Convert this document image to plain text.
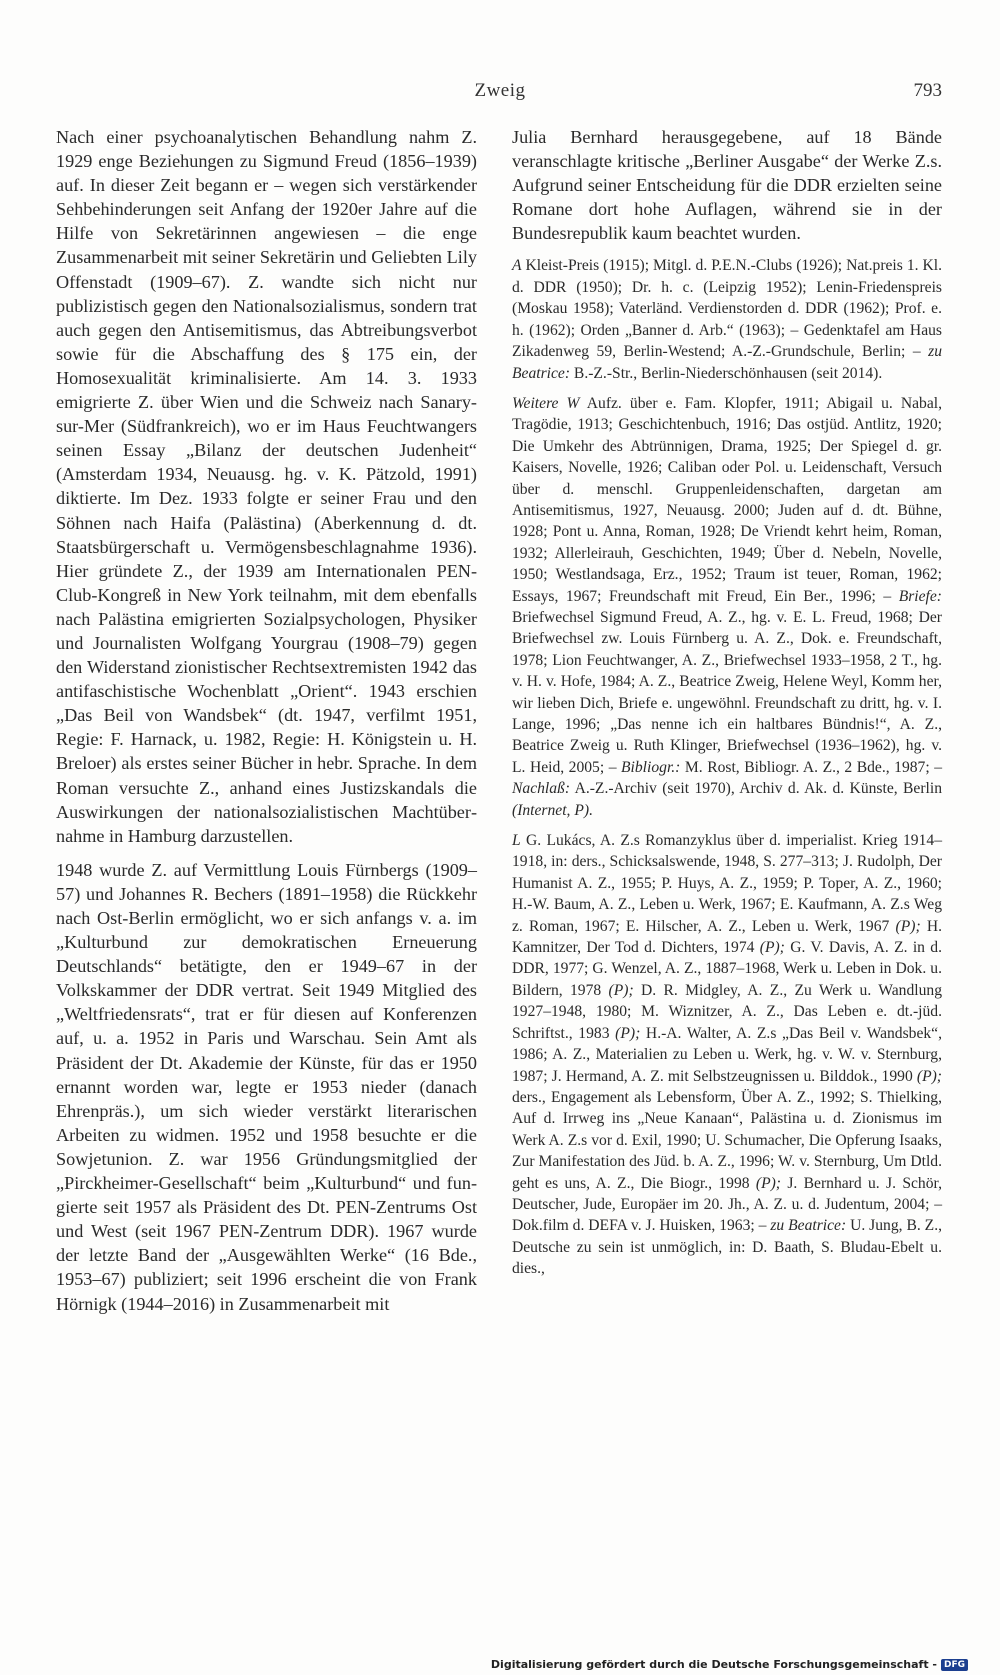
Zweig	793

Nach einer psychoanalytischen Behandlung nahm Z. 1929 enge Beziehungen zu Sigmund Freud (1856–1939) auf. In dieser Zeit begann er – wegen sich verstärkender Sehbehinderungen seit Anfang der 1920er Jahre auf die Hilfe von Sekretärinnen angewiesen – die enge Zusammenarbeit mit seiner Sekretärin und Geliebten Lily Offenstadt (1909–67). Z. wandte sich nicht nur publizistisch gegen den Nationalsozialismus, sondern trat auch gegen den Antisemitismus, das Abtreibungsverbot sowie für die Abschaffung des § 175 ein, der Homosexualität kriminalisierte. Am 14. 3. 1933 emigrierte Z. über Wien und die Schweiz nach Sanary-sur-Mer (Südfrankreich), wo er im Haus Feuchtwangers seinen Essay „Bilanz der deutschen Judenheit“ (Amsterdam 1934, Neuausg. hg. v. K. Pätzold, 1991) diktierte. Im Dez. 1933 folgte er seiner Frau und den Söhnen nach Haifa (Palästina) (Aberkennung d. dt. Staatsbürgerschaft u. Vermögensbeschlagnahme 1936). Hier gründete Z., der 1939 am Internationalen PEN-Club-Kongreß in New York teilnahm, mit dem ebenfalls nach Palästina emigrierten Sozialpsychologen, Physiker und Journalisten Wolfgang Yourgrau (1908–79) gegen den Widerstand zionistischer Rechtsextremisten 1942 das antifaschistische Wochenblatt „Orient“. 1943 erschien „Das Beil von Wandsbek“ (dt. 1947, verfilmt 1951, Regie: F. Harnack, u. 1982, Regie: H. Königstein u. H. Breloer) als erstes seiner Bücher in hebr. Sprache. In dem Roman versuchte Z., anhand eines Justizskandals die Auswirkungen der nationalsozialistischen Machtübernahme in Hamburg darzustellen.

1948 wurde Z. auf Vermittlung Louis Fürnbergs (1909–57) und Johannes R. Bechers (1891–1958) die Rückkehr nach Ost-Berlin ermöglicht, wo er sich anfangs v. a. im „Kulturbund zur demokratischen Erneuerung Deutschlands“ betätigte, den er 1949–67 in der Volkskammer der DDR vertrat. Seit 1949 Mitglied des „Weltfriedensrats“, trat er für diesen auf Konferenzen auf, u. a. 1952 in Paris und Warschau. Sein Amt als Präsident der Dt. Akademie der Künste, für das er 1950 ernannt worden war, legte er 1953 nieder (danach Ehrenpräs.), um sich wieder verstärkt literarischen Arbeiten zu widmen. 1952 und 1958 besuchte er die Sowjetunion. Z. war 1956 Gründungsmitglied der „Pirckheimer-Gesellschaft“ beim „Kulturbund“ und fungierte seit 1957 als Präsident des Dt. PEN-Zentrums Ost und West (seit 1967 PEN-Zentrum DDR). 1967 wurde der letzte Band der „Ausgewählten Werke“ (16 Bde., 1953–67) publiziert; seit 1996 erscheint die von Frank Hörnigk (1944–2016) in Zusammenarbeit mit

Julia Bernhard herausgegebene, auf 18 Bände veranschlagte kritische „Berliner Ausgabe“ der Werke Z.s. Aufgrund seiner Entscheidung für die DDR erzielten seine Romane dort hohe Auflagen, während sie in der Bundesrepublik kaum beachtet wurden.

A Kleist-Preis (1915); Mitgl. d. P.E.N.-Clubs (1926); Nat.preis 1. Kl. d. DDR (1950); Dr. h. c. (Leipzig 1952); Lenin-Friedenspreis (Moskau 1958); Vaterländ. Verdienstorden d. DDR (1962); Prof. e. h. (1962); Orden „Banner d. Arb.“ (1963); – Gedenktafel am Haus Zikadenweg 59, Berlin-Westend; A.-Z.-Grundschule, Berlin; – zu Beatrice: B.-Z.-Str., Berlin-Niederschönhausen (seit 2014).

Weitere W Aufz. über e. Fam. Klopfer, 1911; Abigail u. Nabal, Tragödie, 1913; Geschichtenbuch, 1916; Das ostjüd. Antlitz, 1920; Die Umkehr des Abtrünnigen, Drama, 1925; Der Spiegel d. gr. Kaisers, Novelle, 1926; Caliban oder Pol. u. Leidenschaft, Versuch über d. menschl. Gruppenleidenschaften, dargetan am Antisemitismus, 1927, Neuausg. 2000; Juden auf d. dt. Bühne, 1928; Pont u. Anna, Roman, 1928; De Vriendt kehrt heim, Roman, 1932; Allerleirauh, Geschichten, 1949; Über d. Nebeln, Novelle, 1950; Westlandsaga, Erz., 1952; Traum ist teuer, Roman, 1962; Essays, 1967; Freundschaft mit Freud, Ein Ber., 1996; – Briefe: Briefwechsel Sigmund Freud, A. Z., hg. v. E. L. Freud, 1968; Der Briefwechsel zw. Louis Fürnberg u. A. Z., Dok. e. Freundschaft, 1978; Lion Feuchtwanger, A. Z., Briefwechsel 1933–1958, 2 T., hg. v. H. v. Hofe, 1984; A. Z., Beatrice Zweig, Helene Weyl, Komm her, wir lieben Dich, Briefe e. ungewöhnl. Freundschaft zu dritt, hg. v. I. Lange, 1996; „Das nenne ich ein haltbares Bündnis!“, A. Z., Beatrice Zweig u. Ruth Klinger, Briefwechsel (1936–1962), hg. v. L. Heid, 2005; – Bibliogr.: M. Rost, Bibliogr. A. Z., 2 Bde., 1987; – Nachlaß: A.-Z.-Archiv (seit 1970), Archiv d. Ak. d. Künste, Berlin (Internet, P).

L G. Lukács, A. Z.s Romanzyklus über d. imperialist. Krieg 1914–1918, in: ders., Schicksalswende, 1948, S. 277–313; J. Rudolph, Der Humanist A. Z., 1955; P. Huys, A. Z., 1959; P. Toper, A. Z., 1960; H.-W. Baum, A. Z., Leben u. Werk, 1967; E. Kaufmann, A. Z.s Weg z. Roman, 1967; E. Hilscher, A. Z., Leben u. Werk, 1967 (P); H. Kamnitzer, Der Tod d. Dichters, 1974 (P); G. V. Davis, A. Z. in d. DDR, 1977; G. Wenzel, A. Z., 1887–1968, Werk u. Leben in Dok. u. Bildern, 1978 (P); D. R. Midgley, A. Z., Zu Werk u. Wandlung 1927–1948, 1980; M. Wiznitzer, A. Z., Das Leben e. dt.-jüd. Schriftst., 1983 (P); H.-A. Walter, A. Z.s „Das Beil v. Wandsbek“, 1986; A. Z., Materialien zu Leben u. Werk, hg. v. W. v. Sternburg, 1987; J. Hermand, A. Z. mit Selbstzeugnissen u. Bilddok., 1990 (P); ders., Engagement als Lebensform, Über A. Z., 1992; S. Thielking, Auf d. Irrweg ins „Neue Kanaan“, Palästina u. d. Zionismus im Werk A. Z.s vor d. Exil, 1990; U. Schumacher, Die Opferung Isaaks, Zur Manifestation des Jüd. b. A. Z., 1996; W. v. Sternburg, Um Dtld. geht es uns, A. Z., Die Biogr., 1998 (P); J. Bernhard u. J. Schör, Deutscher, Jude, Europäer im 20. Jh., A. Z. u. d. Judentum, 2004; – Dok.film d. DEFA v. J. Huisken, 1963; – zu Beatrice: U. Jung, B. Z., Deutsche zu sein ist unmöglich, in: D. Baath, S. Bludau-Ebelt u. dies.,

Digitalisierung gefördert durch die Deutsche Forschungsgemeinschaft - DFG
